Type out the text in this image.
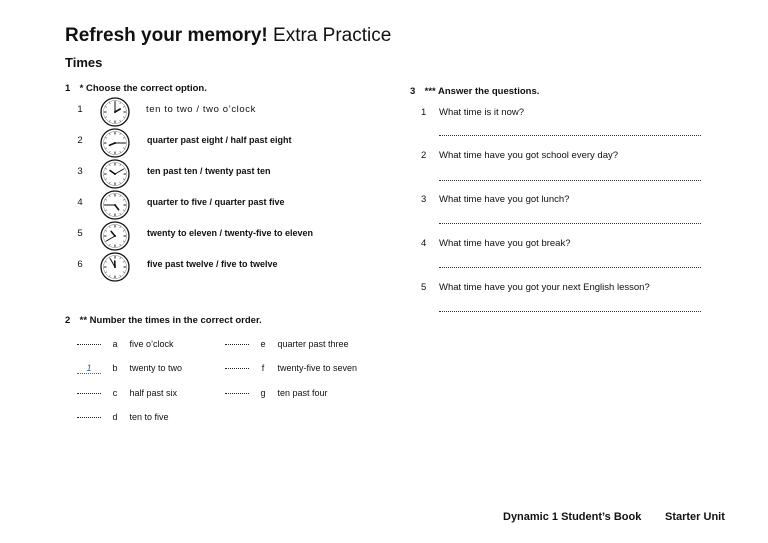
Refresh your memory! Extra Practice
Times
1 * Choose the correct option.
1	ten to two / two o’clock
2	quarter past eight / half past eight
3	ten past ten / twenty past ten
4	quarter to five / quarter past five
5	twenty to eleven / twenty-five to eleven
6	five past twelve / five to twelve
2 ** Number the times in the correct order.
a five o’clock
1 b twenty to two
c half past six
d ten to five
e quarter past three
f twenty-five to seven
g ten past four
3 *** Answer the questions.
1 What time is it now?
2 What time have you got school every day?
3 What time have you got lunch?
4 What time have you got break?
5 What time have you got your next English lesson?
Dynamic 1 Student’s Book Starter Unit
